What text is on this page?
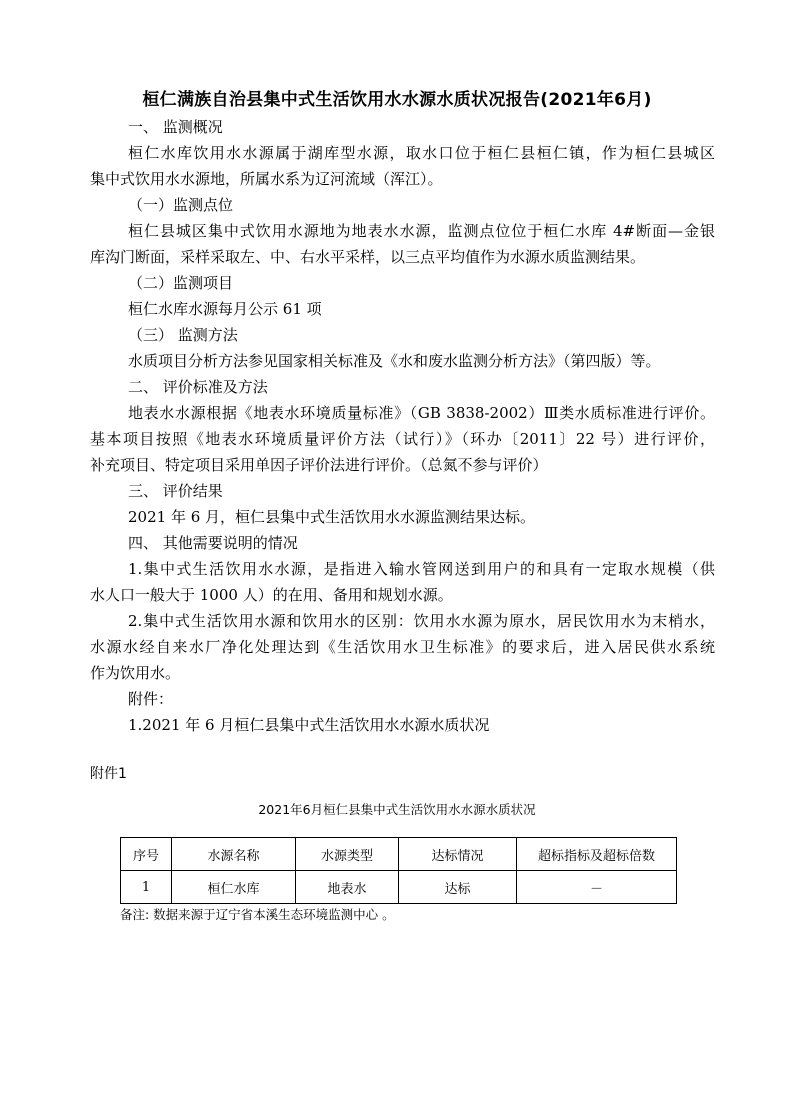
桓仁满族自治县集中式生活饮用水水源水质状况报告(2021年6月)
一、 监测概况
桓仁水库饮用水水源属于湖库型水源，取水口位于桓仁县桓仁镇，作为桓仁县城区
集中式饮用水水源地，所属水系为辽河流域（浑江）。
（一）监测点位
桓仁县城区集中式饮用水源地为地表水水源，监测点位位于桓仁水库 4#断面—金银
库沟门断面，采样采取左、中、右水平采样，以三点平均值作为水源水质监测结果。
（二）监测项目
桓仁水库水源每月公示 61 项
（三） 监测方法
水质项目分析方法参见国家相关标准及《水和废水监测分析方法》（第四版）等。
二、 评价标准及方法
地表水水源根据《地表水环境质量标准》（GB 3838-2002）Ⅲ类水质标准进行评价。
基本项目按照《地表水环境质量评价方法（试行）》（环办〔2011〕22 号）进行评价，
补充项目、特定项目采用单因子评价法进行评价。（总氮不参与评价）
三、 评价结果
2021 年 6 月，桓仁县集中式生活饮用水水源监测结果达标。
四、 其他需要说明的情况
1.集中式生活饮用水水源，是指进入输水管网送到用户的和具有一定取水规模（供
水人口一般大于 1000 人）的在用、备用和规划水源。
2.集中式生活饮用水源和饮用水的区别：饮用水水源为原水，居民饮用水为末梢水，
水源水经自来水厂净化处理达到《生活饮用水卫生标准》的要求后，进入居民供水系统
作为饮用水。
附件：
1.2021 年 6 月桓仁县集中式生活饮用水水源水质状况
附件1
2021年6月桓仁县集中式生活饮用水水源水质状况
序号	水源名称	水源类型	达标情况	超标指标及超标倍数
1	桓仁水库	地表水	达标	－
备注: 数据来源于辽宁省本溪生态环境监测中心 。
